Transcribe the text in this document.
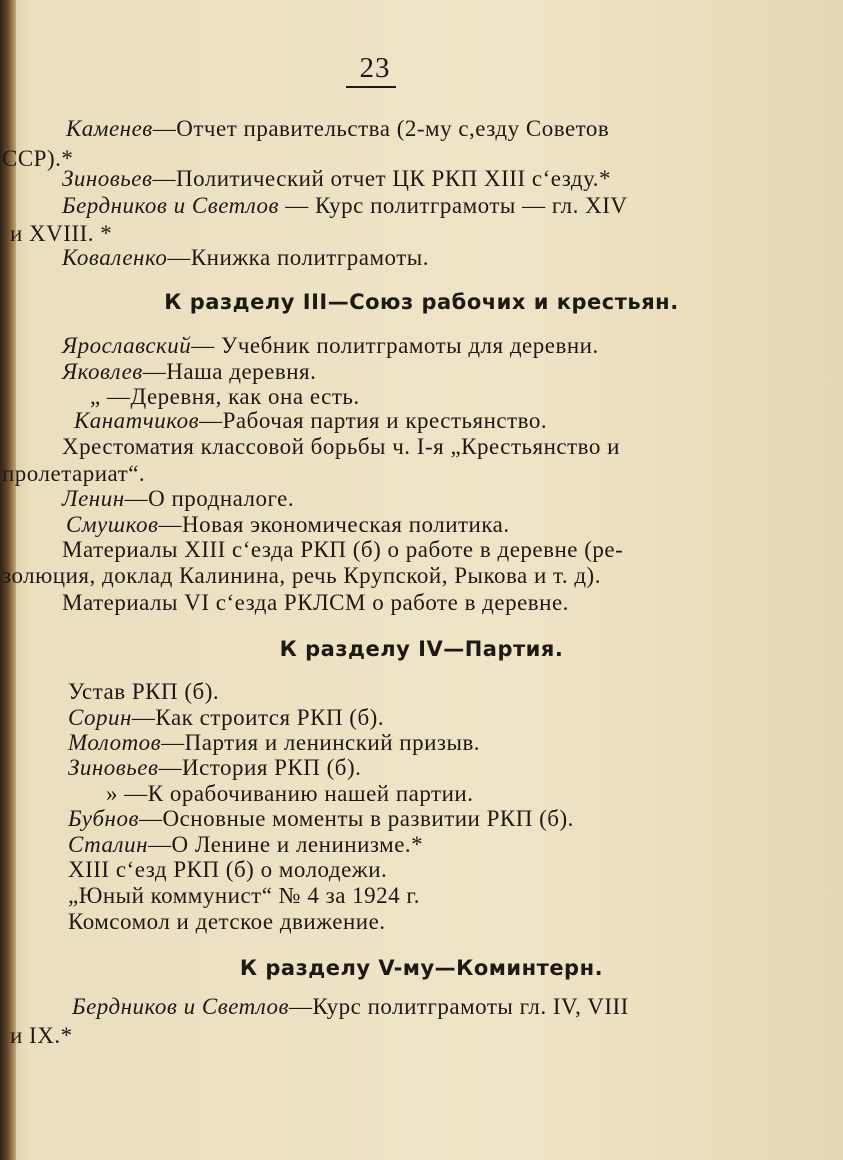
23
Каменев—Отчет правительства (2-му с,езду Советов
ССР).*
Зиновьев—Политический отчет ЦК РКП XIII с‘езду.*
Бердников и Светлов — Курс политграмоты — гл. XIV
и XVIII. *
Коваленко—Книжка политграмоты.
К разделу III—Союз рабочих и крестьян.
Ярославский— Учебник политграмоты для деревни.
Яковлев—Наша деревня.
„ —Деревня, как она есть.
Канатчиков—Рабочая партия и крестьянство.
Хрестоматия классовой борьбы ч. I-я „Крестьянство и
пролетариат“.
Ленин—О продналоге.
Смушков—Новая экономическая политика.
Материалы XIII с‘езда РКП (б) о работе в деревне (ре-
золюция, доклад Калинина, речь Крупской, Рыкова и т. д).
Материалы VI с‘езда РКЛСМ о работе в деревне.
К разделу IV—Партия.
Устав РКП (б).
Сорин—Как строится РКП (б).
Молотов—Партия и ленинский призыв.
Зиновьев—История РКП (б).
» —К орабочиванию нашей партии.
Бубнов—Основные моменты в развитии РКП (б).
Сталин—О Ленине и ленинизме.*
XIII с‘езд РКП (б) о молодежи.
„Юный коммунист“ № 4 за 1924 г.
Комсомол и детское движение.
К разделу V-му—Коминтерн.
Бердников и Светлов—Курс политграмоты гл. IV, VIII
и IX.*
